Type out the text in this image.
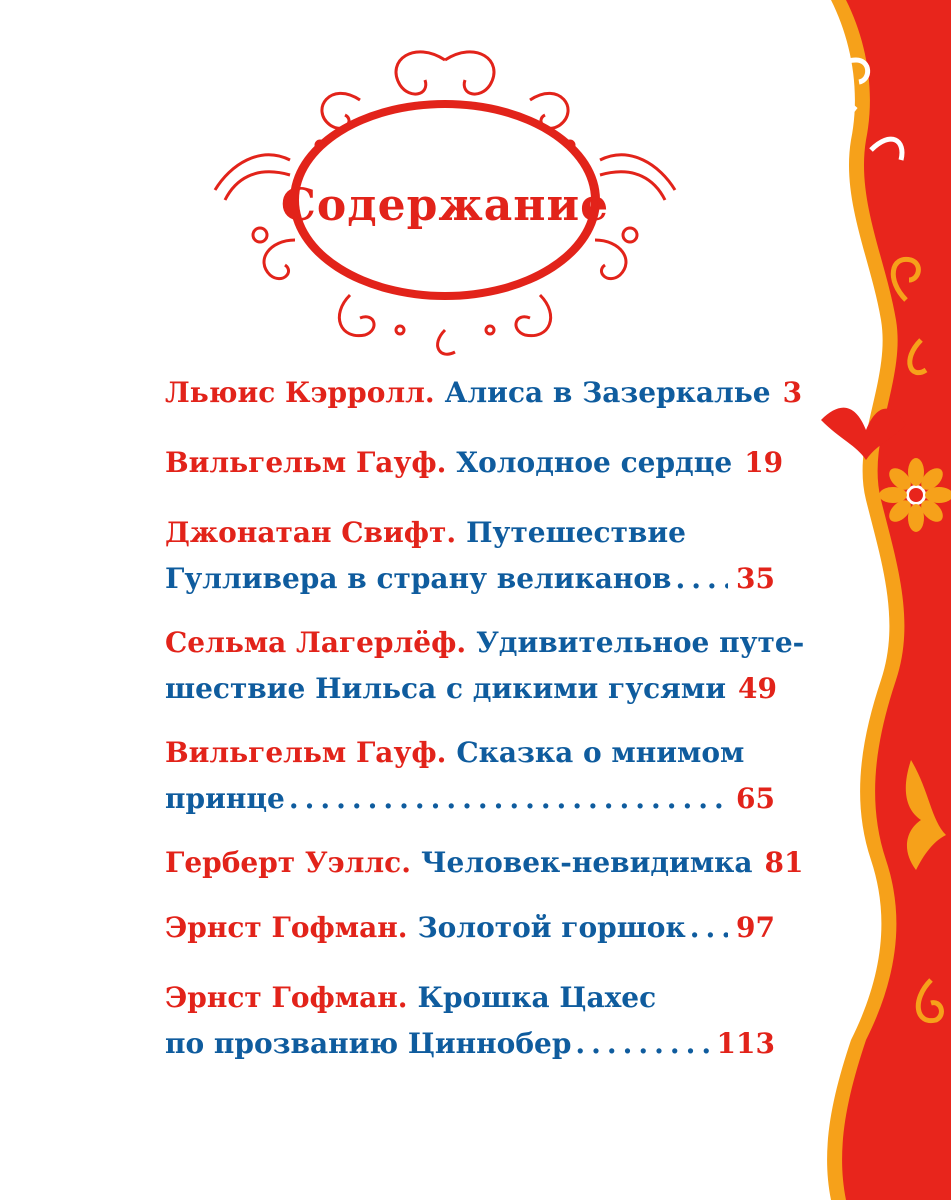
Содержание
Льюис Кэрролл. Алиса в Зазеркалье 3
Вильгельм Гауф. Холодное сердце 19
Джонатан Свифт. Путешествие
Гулливера в страну великанов ..... 35
Сельма Лагерлёф. Удивительное путе-
шествие Нильса с дикими гусями 49
Вильгельм Гауф. Сказка о мнимом
принце .....	65
Герберт Уэллс. Человек-невидимка 81
Эрнст Гофман. Золотой горшок ..... 97
Эрнст Гофман. Крошка Цахес
по прозванию Циннобер .....	113
